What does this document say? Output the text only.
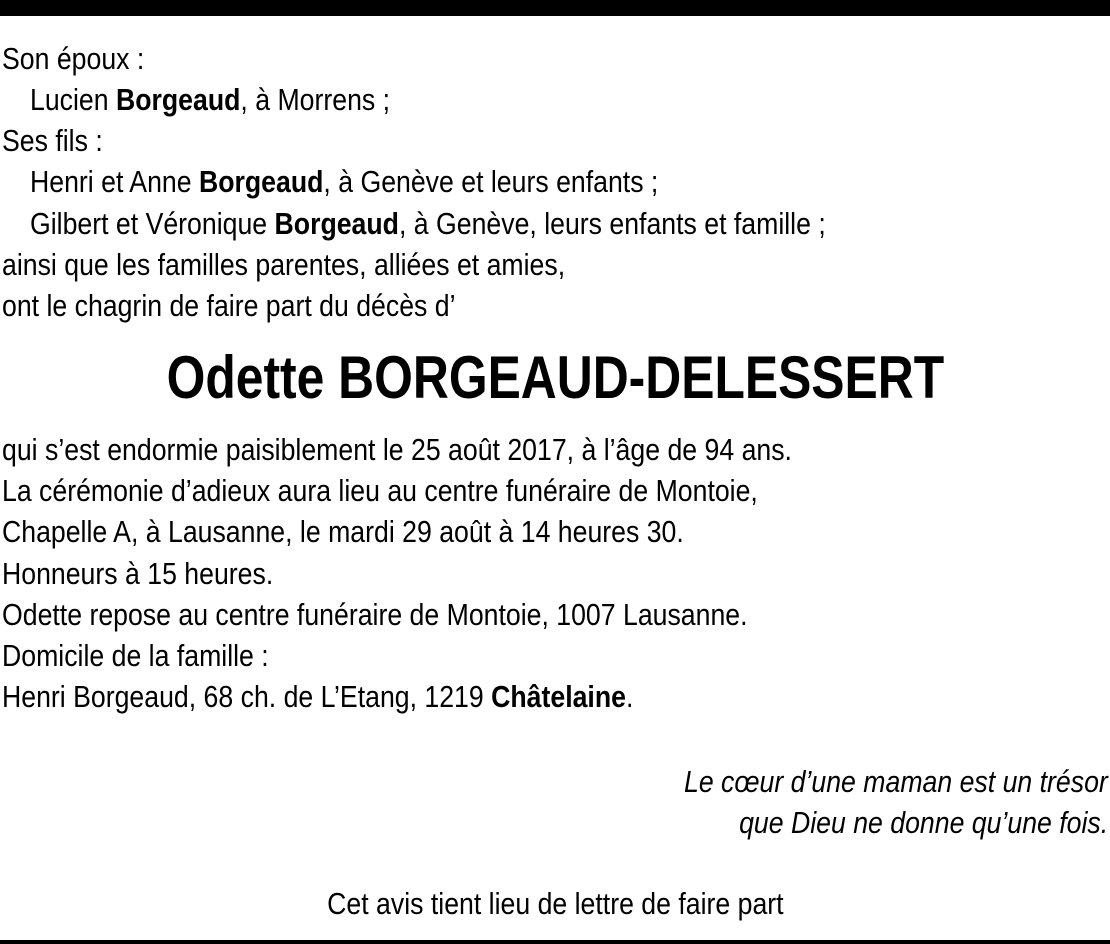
Son époux :
Lucien Borgeaud, à Morrens ;
Ses fils :
Henri et Anne Borgeaud, à Genève et leurs enfants ;
Gilbert et Véronique Borgeaud, à Genève, leurs enfants et famille ;
ainsi que les familles parentes, alliées et amies,
ont le chagrin de faire part du décès d’
Odette BORGEAUD-DELESSERT
qui s’est endormie paisiblement le 25 août 2017, à l’âge de 94 ans.
La cérémonie d’adieux aura lieu au centre funéraire de Montoie,
Chapelle A, à Lausanne, le mardi 29 août à 14 heures 30.
Honneurs à 15 heures.
Odette repose au centre funéraire de Montoie, 1007 Lausanne.
Domicile de la famille :
Henri Borgeaud, 68 ch. de L’Etang, 1219 Châtelaine.
Le cœur d’une maman est un trésor
que Dieu ne donne qu’une fois.
Cet avis tient lieu de lettre de faire part
